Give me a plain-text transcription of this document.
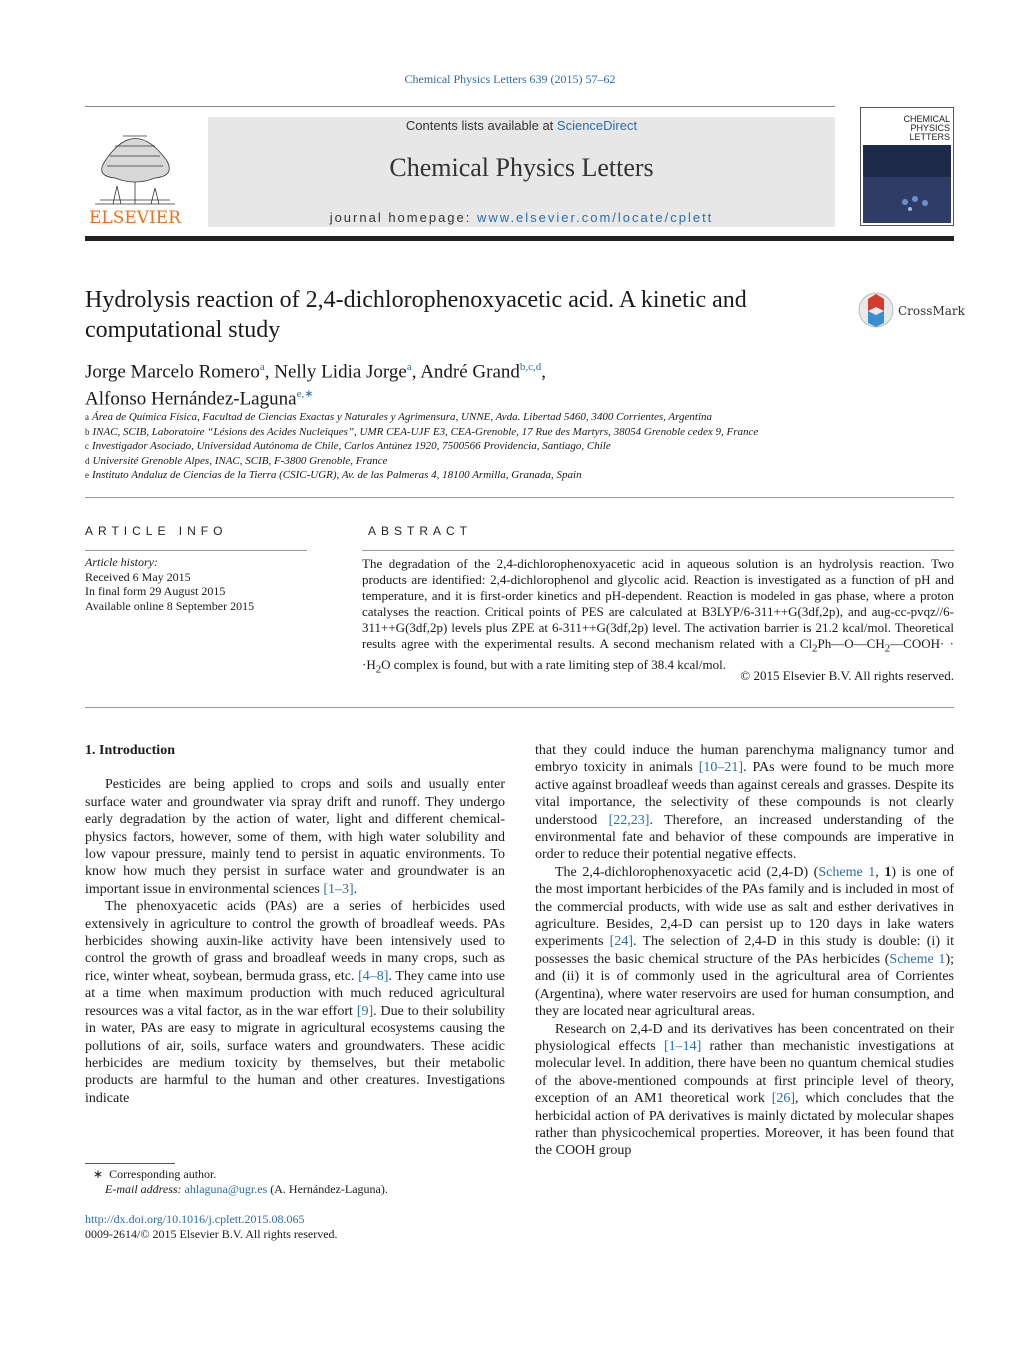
Chemical Physics Letters 639 (2015) 57–62
ELSEVIER
Contents lists available at ScienceDirect
Chemical Physics Letters
journal homepage: www.elsevier.com/locate/cplett
CHEMICAL
PHYSICS
LETTERS
Hydrolysis reaction of 2,4-dichlorophenoxyacetic acid. A kinetic and
computational study
CrossMark
Jorge Marcelo Romero$^a$, Nelly Lidia Jorge$^a$, André Grand$^{b,c,d}$,
Alfonso Hernández-Laguna$^{e,∗}$
$^a$ Área de Química Física, Facultad de Ciencias Exactas y Naturales y Agrimensura, UNNE, Avda. Libertad 5460, 3400 Corrientes, Argentina
$^b$ INAC, SCIB, Laboratoire “Lésions des Acides Nucleiques”, UMR CEA-UJF E3, CEA-Grenoble, 17 Rue des Martyrs, 38054 Grenoble cedex 9, France
$^c$ Investigador Asociado, Universidad Autónoma de Chile, Carlos Antúnez 1920, 7500566 Providencia, Santiago, Chile
$^d$ Université Grenoble Alpes, INAC, SCIB, F-3800 Grenoble, France
$^e$ Instituto Andaluz de Ciencias de la Tierra (CSIC-UGR), Av. de las Palmeras 4, 18100 Armilla, Granada, Spain
ARTICLE INFO
Article history:
Received 6 May 2015
In final form 29 August 2015
Available online 8 September 2015
ABSTRACT
The degradation of the 2,4-dichlorophenoxyacetic acid in aqueous solution is an hydrolysis reaction. Two products are identified: 2,4-dichlorophenol and glycolic acid. Reaction is investigated as a function of pH and temperature, and it is first-order kinetics and pH-dependent. Reaction is modeled in gas phase, where a proton catalyses the reaction. Critical points of PES are calculated at B3LYP/6-311++G(3df,2p), and aug-cc-pvqz//6-311++G(3df,2p) levels plus ZPE at 6-311++G(3df,2p) level. The activation barrier is 21.2 kcal/mol. Theoretical results agree with the experimental results. A second mechanism related with a $Cl_2Ph—O—CH_2—COOH\cdot \cdot \cdot H_2O$ complex is found, but with a rate limiting step of 38.4 kcal/mol.
© 2015 Elsevier B.V. All rights reserved.
1. Introduction

Pesticides are being applied to crops and soils and usually enter surface water and groundwater via spray drift and runoff. They undergo early degradation by the action of water, light and different chemical-physics factors, however, some of them, with high water solubility and low vapour pressure, mainly tend to persist in aquatic environments. To know how much they persist in surface water and groundwater is an important issue in environmental sciences [1–3].

The phenoxyacetic acids (PAs) are a series of herbicides used extensively in agriculture to control the growth of broadleaf weeds. PAs herbicides showing auxin-like activity have been intensively used to control the growth of grass and broadleaf weeds in many crops, such as rice, winter wheat, soybean, bermuda grass, etc. [4–8]. They came into use at a time when maximum production with much reduced agricultural resources was a vital factor, as in the war effort [9]. Due to their solubility in water, PAs are easy to migrate in agricultural ecosystems causing the pollutions of air, soils, surface waters and groundwaters. These acidic herbicides are medium toxicity by themselves, but their metabolic products are harmful to the human and other creatures. Investigations indicate

that they could induce the human parenchyma malignancy tumor and embryo toxicity in animals [10–21]. PAs were found to be much more active against broadleaf weeds than against cereals and grasses. Despite its vital importance, the selectivity of these compounds is not clearly understood [22,23]. Therefore, an increased understanding of the environmental fate and behavior of these compounds are imperative in order to reduce their potential negative effects.

The 2,4-dichlorophenoxyacetic acid (2,4-D) (Scheme 1, 1) is one of the most important herbicides of the PAs family and is included in most of the commercial products, with wide use as salt and esther derivatives in agriculture. Besides, 2,4-D can persist up to 120 days in lake waters experiments [24]. The selection of 2,4-D in this study is double: (i) it possesses the basic chemical structure of the PAs herbicides (Scheme 1); and (ii) it is of commonly used in the agricultural area of Corrientes (Argentina), where water reservoirs are used for human consumption, and they are located near agricultural areas.

Research on 2,4-D and its derivatives has been concentrated on their physiological effects [1–14] rather than mechanistic investigations at molecular level. In addition, there have been no quantum chemical studies of the above-mentioned compounds at first principle level of theory, exception of an AM1 theoretical work [26], which concludes that the herbicidal action of PA derivatives is mainly dictated by molecular shapes rather than physicochemical properties. Moreover, it has been found that the COOH group

∗ Corresponding author.
E-mail address: ahlaguna@ugr.es (A. Hernández-Laguna).
http://dx.doi.org/10.1016/j.cplett.2015.08.065
0009-2614/© 2015 Elsevier B.V. All rights reserved.
